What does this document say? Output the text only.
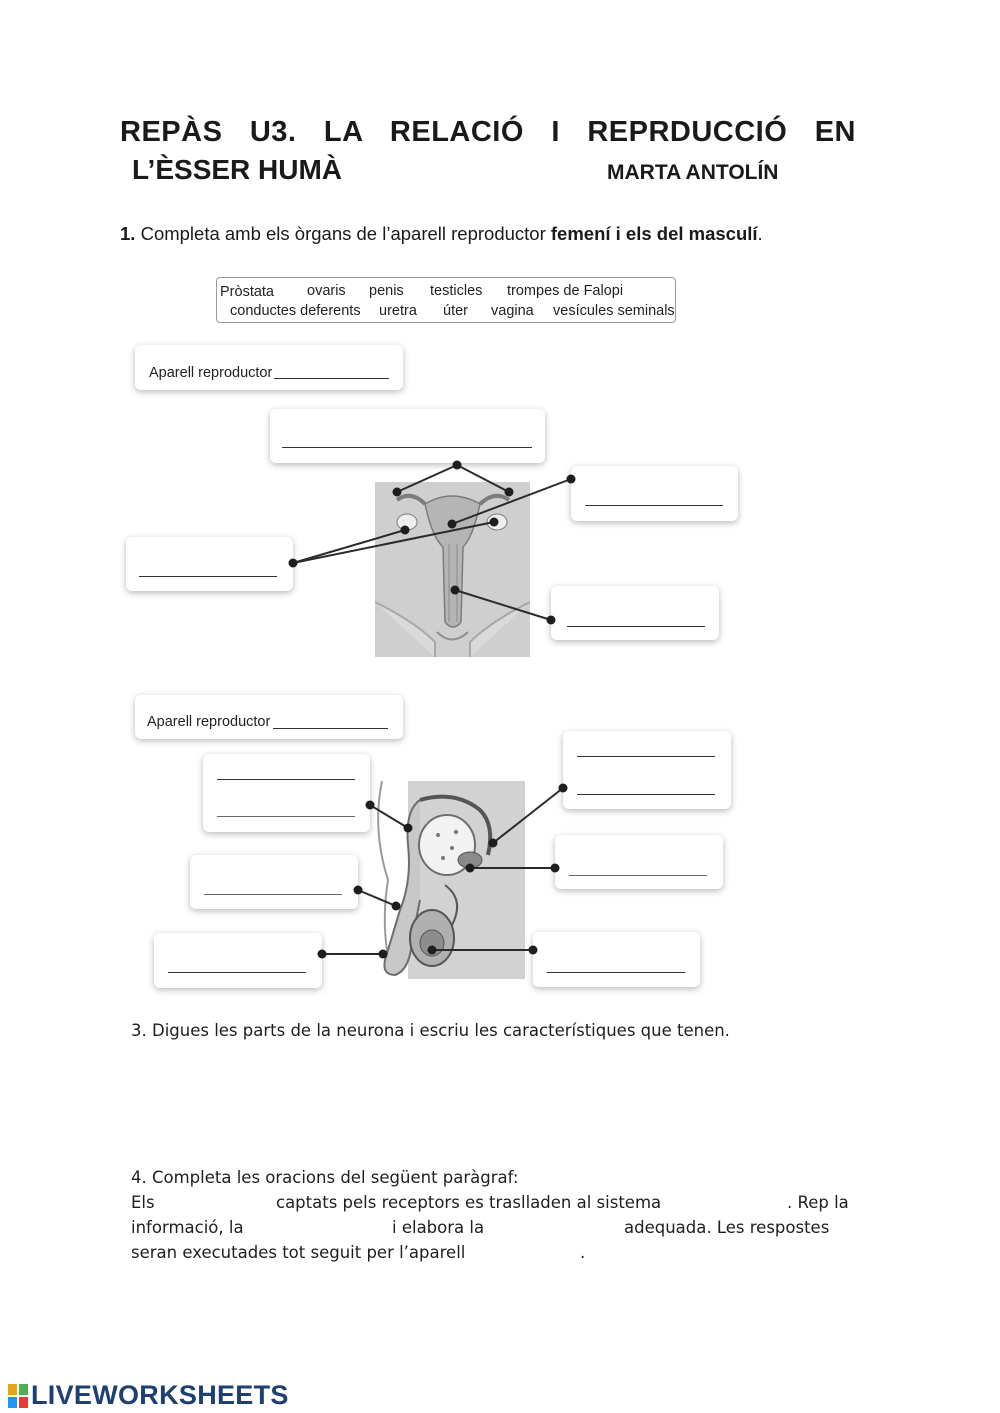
REPÀS U3. LA RELACIÓ I REPRDUCCIÓ EN
L’ÈSSER HUMÀ	MARTA ANTOLÍN
1. Completa amb els òrgans de l’aparell reproductor femení i els del masculí.
Pròstata ovaris penis testicles trompes de Falopi
conductes deferents uretra úter vagina vesícules seminals
Aparell reproductor
Aparell reproductor
3. Digues les parts de la neurona i escriu les característiques que tenen.
4. Completa les oracions del següent paràgraf:
Els	captats pels receptors es traslladen al sistema	. Rep la
informació, la	i elabora la	adequada. Les respostes
seran executades tot seguit per l’aparell	.
LIVEWORKSHEETS
